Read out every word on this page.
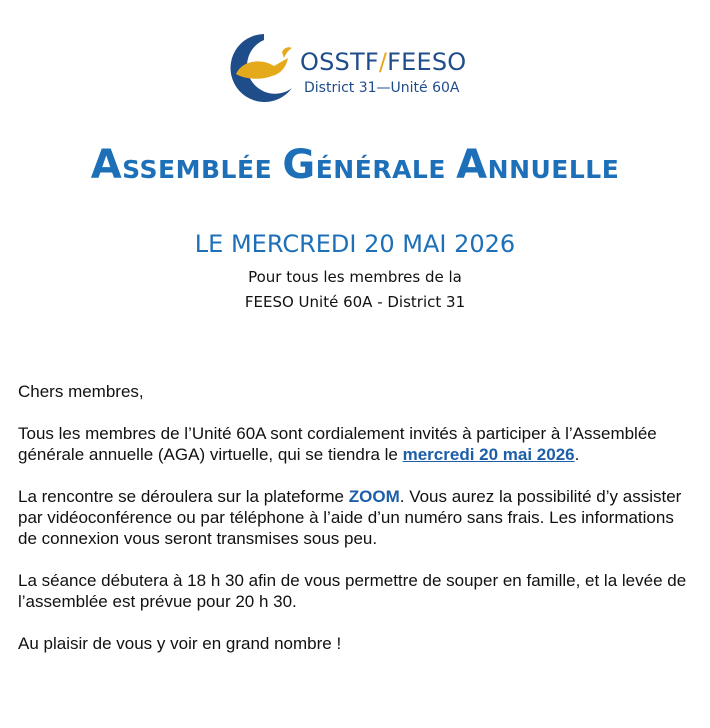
OSSTF/FEESO
District 31—Unité 60A
ASSEMBLÉE GÉNÉRALE ANNUELLE
LE MERCREDI 20 MAI 2026
Pour tous les membres de la
FEESO Unité 60A - District 31

Chers membres,

Tous les membres de l’Unité 60A sont cordialement invités à participer à l’Assemblée générale annuelle (AGA) virtuelle, qui se tiendra le mercredi 20 mai 2026.

La rencontre se déroulera sur la plateforme ZOOM. Vous aurez la possibilité d’y assister par vidéoconférence ou par téléphone à l’aide d’un numéro sans frais. Les informations de connexion vous seront transmises sous peu.

La séance débutera à 18 h 30 afin de vous permettre de souper en famille, et la levée de l’assemblée est prévue pour 20 h 30.

Au plaisir de vous y voir en grand nombre !
